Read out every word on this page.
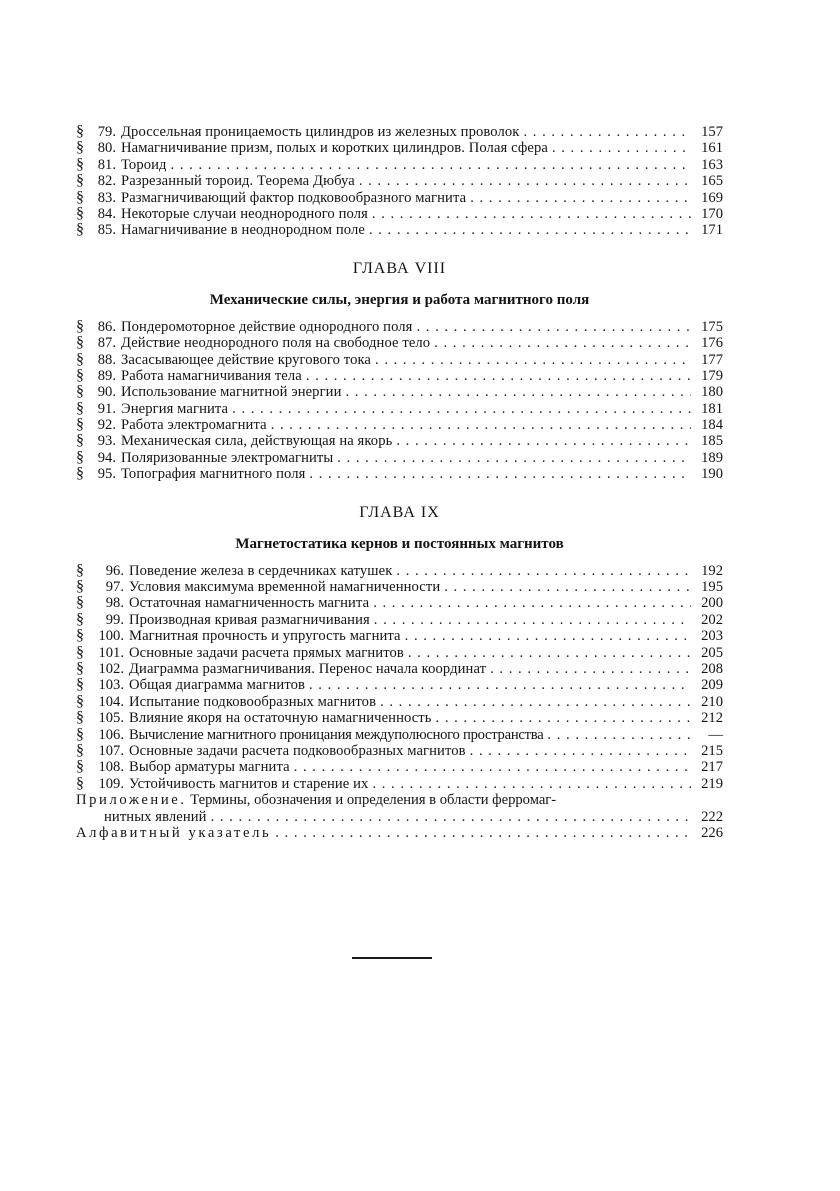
§ 79. Дроссельная проницаемость цилиндров из железных проволок . . .	157
§ 80. Намагничивание призм, полых и коротких цилиндров. Полая сфера . . .	161
§ 81. Тороид . . .	163
§ 82. Разрезанный тороид. Теорема Дюбуа . . .	165
§ 83. Размагничивающий фактор подковообразного магнита . . .	169
§ 84. Некоторые случаи неоднородного поля . . .	170
§ 85. Намагничивание в неоднородном поле . . .	171
ГЛАВА VIII
Механические силы, энергия и работа магнитного поля
§ 86. Пондеромоторное действие однородного поля . . .	175
§ 87. Действие неоднородного поля на свободное тело . . .	176
§ 88. Засасывающее действие кругового тока . . .	177
§ 89. Работа намагничивания тела . . .	179
§ 90. Использование магнитной энергии . . .	180
§ 91. Энергия магнита . . .	181
§ 92. Работа электромагнита . . .	184
§ 93. Механическая сила, действующая на якорь . . .	185
§ 94. Поляризованные электромагниты . . .	189
§ 95. Топография магнитного поля . . .	190
ГЛАВА IX
Магнетостатика кернов и постоянных магнитов
§	96. Поведение железа в сердечниках катушек . . .	192
§	97. Условия максимума временной намагниченности . . .	195
§	98. Остаточная намагниченность магнита . . .	200
§	99. Производная кривая размагничивания . . .	202
§ 100. Магнитная прочность и упругость магнита . . .	203
§ 101. Основные задачи расчета прямых магнитов . . .	205
§ 102. Диаграмма размагничивания. Перенос начала координат . . .	208
§ 103. Общая диаграмма магнитов . . .	209
§ 104. Испытание подковообразных магнитов . . .	210
§ 105. Влияние якоря на остаточную намагниченность . . .	212
§ 106. Вычисление магнитного проницания междуполюсного пространства . . .	—
§ 107. Основные задачи расчета подковообразных магнитов . . .	215
§ 108. Выбор арматуры магнита . . .	217
§ 109. Устойчивость магнитов и старение их . . .	219
Приложение. Термины, обозначения и определения в области ферромаг-
нитных явлений . . .	222
Алфавитный указатель . . .	226
